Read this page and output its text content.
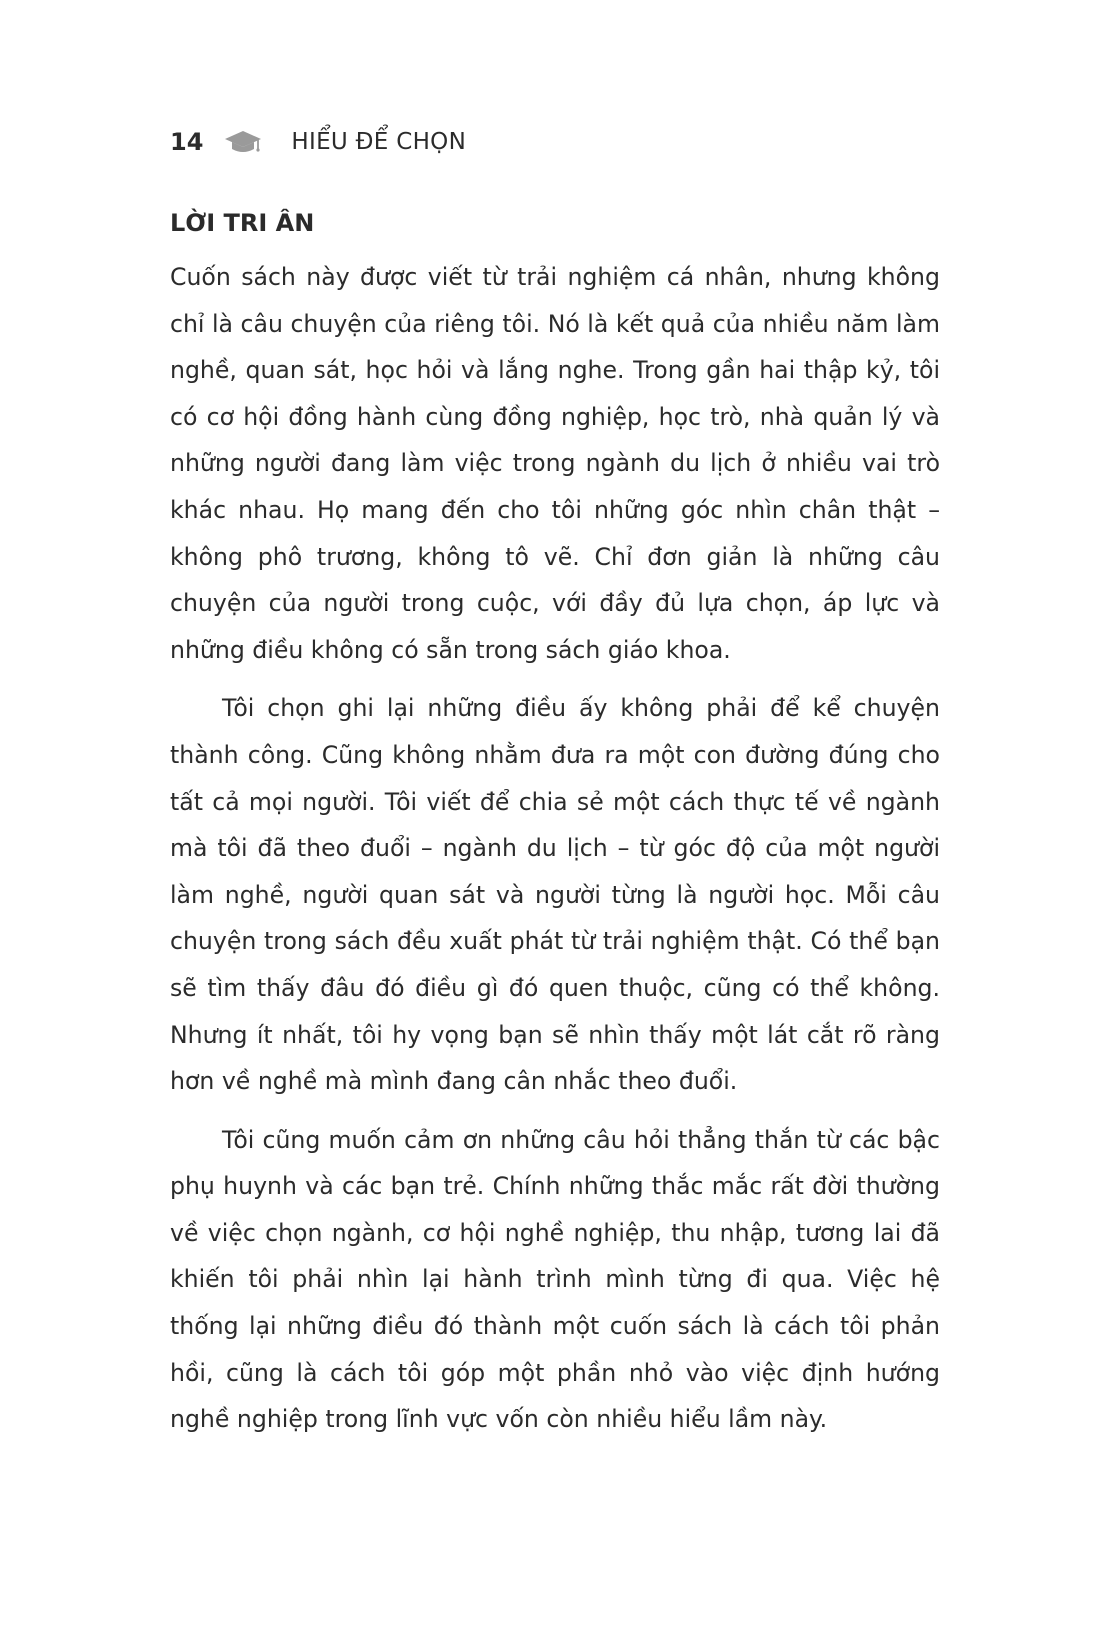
14	HIỂU ĐỂ CHỌN
LỜI TRI ÂN

Cuốn sách này được viết từ trải nghiệm cá nhân, nhưng không chỉ là câu chuyện của riêng tôi. Nó là kết quả của nhiều năm làm nghề, quan sát, học hỏi và lắng nghe. Trong gần hai thập kỷ, tôi có cơ hội đồng hành cùng đồng nghiệp, học trò, nhà quản lý và những người đang làm việc trong ngành du lịch ở nhiều vai trò khác nhau. Họ mang đến cho tôi những góc nhìn chân thật – không phô trương, không tô vẽ. Chỉ đơn giản là những câu chuyện của người trong cuộc, với đầy đủ lựa chọn, áp lực và những điều không có sẵn trong sách giáo khoa.

Tôi chọn ghi lại những điều ấy không phải để kể chuyện thành công. Cũng không nhằm đưa ra một con đường đúng cho tất cả mọi người. Tôi viết để chia sẻ một cách thực tế về ngành mà tôi đã theo đuổi – ngành du lịch – từ góc độ của một người làm nghề, người quan sát và người từng là người học. Mỗi câu chuyện trong sách đều xuất phát từ trải nghiệm thật. Có thể bạn sẽ tìm thấy đâu đó điều gì đó quen thuộc, cũng có thể không. Nhưng ít nhất, tôi hy vọng bạn sẽ nhìn thấy một lát cắt rõ ràng hơn về nghề mà mình đang cân nhắc theo đuổi.

Tôi cũng muốn cảm ơn những câu hỏi thẳng thắn từ các bậc phụ huynh và các bạn trẻ. Chính những thắc mắc rất đời thường về việc chọn ngành, cơ hội nghề nghiệp, thu nhập, tương lai đã khiến tôi phải nhìn lại hành trình mình từng đi qua. Việc hệ thống lại những điều đó thành một cuốn sách là cách tôi phản hồi, cũng là cách tôi góp một phần nhỏ vào việc định hướng nghề nghiệp trong lĩnh vực vốn còn nhiều hiểu lầm này.
